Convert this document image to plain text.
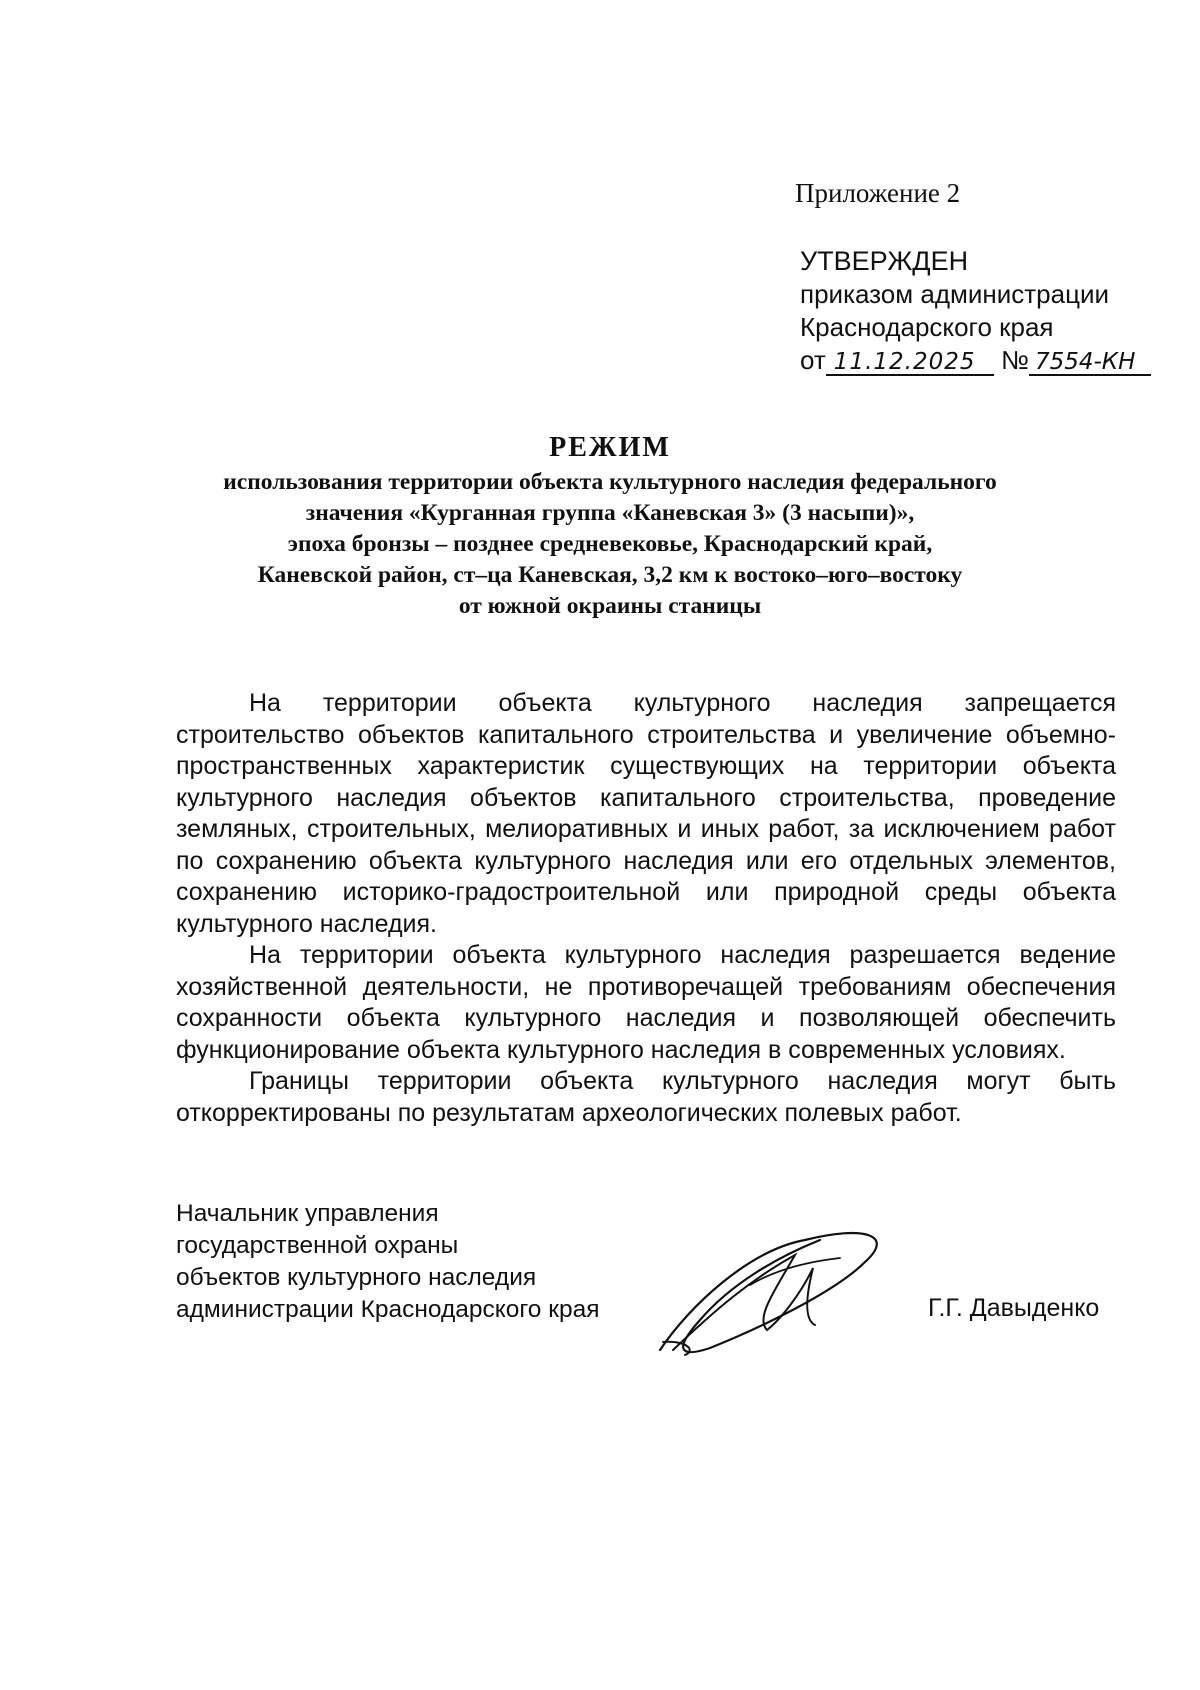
Приложение 2
УТВЕРЖДЕН
приказом администрации
Краснодарского края
от 11.12.2025 № 7554-КН
РЕЖИМ
использования территории объекта культурного наследия федерального
значения «Курганная группа «Каневская 3» (3 насыпи)»,
эпоха бронзы – позднее средневековье, Краснодарский край,
Каневской район, ст–ца Каневская, 3,2 км к востоко–юго–востоку
от южной окраины станицы

На территории объекта культурного наследия запрещается строительство объектов капитального строительства и увеличение объемно-пространственных характеристик существующих на территории объекта культурного наследия объектов капитального строительства, проведение земляных, строительных, мелиоративных и иных работ, за исключением работ по сохранению объекта культурного наследия или его отдельных элементов, сохранению историко-градостроительной или природной среды объекта культурного наследия.

На территории объекта культурного наследия разрешается ведение хозяйственной деятельности, не противоречащей требованиям обеспечения сохранности объекта культурного наследия и позволяющей обеспечить функционирование объекта культурного наследия в современных условиях.

Границы территории объекта культурного наследия могут быть откорректированы по результатам археологических полевых работ.

Начальник управления
государственной охраны
объектов культурного наследия
администрации Краснодарского края	Г.Г. Давыденко
